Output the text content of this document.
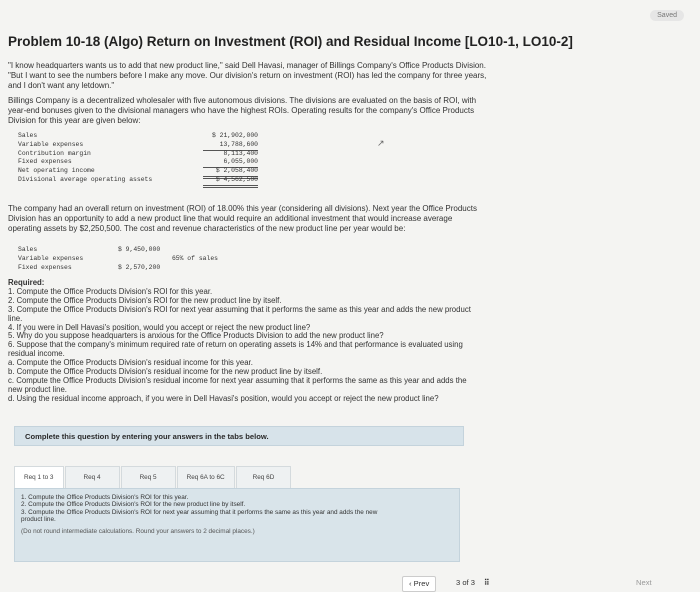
Saved
Problem 10-18 (Algo) Return on Investment (ROI) and Residual Income [LO10-1, LO10-2]
"I know headquarters wants us to add that new product line," said Dell Havasi, manager of Billings Company's Office Products Division.
"But I want to see the numbers before I make any move. Our division's return on investment (ROI) has led the company for three years,
and I don't want any letdown."
Billings Company is a decentralized wholesaler with five autonomous divisions. The divisions are evaluated on the basis of ROI, with
year-end bonuses given to the divisional managers who have the highest ROIs. Operating results for the company's Office Products
Division for this year are given below:
↗
Sales	$ 21,902,000
Variable expenses	13,788,600
Contribution margin	8,113,400
Fixed expenses	6,055,000
Net operating income	$ 2,058,400
Divisional average operating assets	$ 4,562,500
The company had an overall return on investment (ROI) of 18.00% this year (considering all divisions). Next year the Office Products
Division has an opportunity to add a new product line that would require an additional investment that would increase average
operating assets by $2,250,500. The cost and revenue characteristics of the new product line per year would be:
Sales	$ 9,450,000
Variable expenses	65% of sales
Fixed expenses	$ 2,570,200
Required:
1. Compute the Office Products Division's ROI for this year.
2. Compute the Office Products Division's ROI for the new product line by itself.
3. Compute the Office Products Division's ROI for next year assuming that it performs the same as this year and adds the new product
line.
4. If you were in Dell Havasi's position, would you accept or reject the new product line?
5. Why do you suppose headquarters is anxious for the Office Products Division to add the new product line?
6. Suppose that the company's minimum required rate of return on operating assets is 14% and that performance is evaluated using
residual income.
a. Compute the Office Products Division's residual income for this year.
b. Compute the Office Products Division's residual income for the new product line by itself.
c. Compute the Office Products Division's residual income for next year assuming that it performs the same as this year and adds the
new product line.
d. Using the residual income approach, if you were in Dell Havasi's position, would you accept or reject the new product line?
Complete this question by entering your answers in the tabs below.
Req 1 to 3	Req 4	Req 5	Req 6A to 6C	Req 6D
1. Compute the Office Products Division's ROI for this year.
2. Compute the Office Products Division's ROI for the new product line by itself.
3. Compute the Office Products Division's ROI for next year assuming that it performs the same as this year and adds the new
product line.
(Do not round intermediate calculations. Round your answers to 2 decimal places.)
‹ Prev	3 of 3 ⠿	Next
